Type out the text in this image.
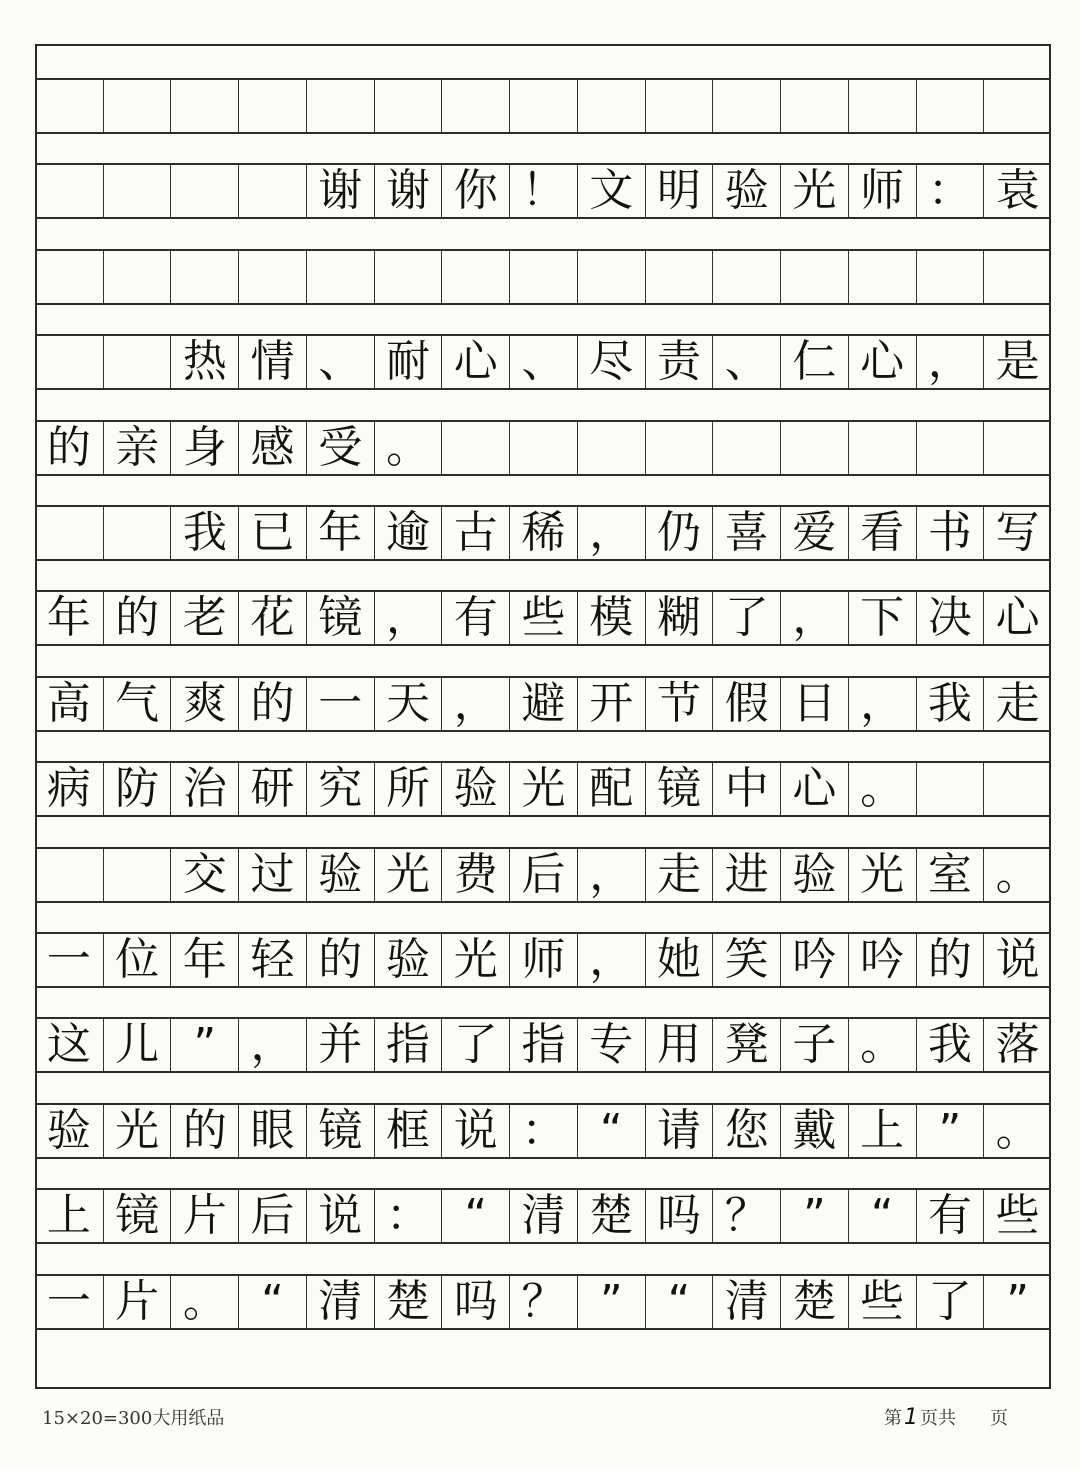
谢 谢 你 ！ 文 明 验 光 师 ： 袁
热 情 、 耐 心 、 尽 责 、 仁 心 ， 是
的 亲 身 感 受 。
我 已 年 逾 古 稀 ， 仍 喜 爱 看 书 写
年 的 老 花 镜 ， 有 些 模 糊 了 ， 下 决 心
高 气 爽 的 一 天 ， 避 开 节 假 日 ， 我 走
病 防 治 研 究 所 验 光 配 镜 中 心 。
交 过 验 光 费 后 ， 走 进 验 光 室 。
一 位 年 轻 的 验 光 师 ， 她 笑 吟 吟 的 说
这 儿 ” ， 并 指 了 指 专 用 凳 子 。 我 落
验 光 的 眼 镜 框 说 ： “ 请 您 戴 上 ” 。
上 镜 片 后 说 ： “ 清 楚 吗 ？ ”	“ 有 些
一 片 。 “ 清 楚 吗 ？ ”	“ 清 楚 些 了 ”
15×20=300大用纸品	第1 页共 页
